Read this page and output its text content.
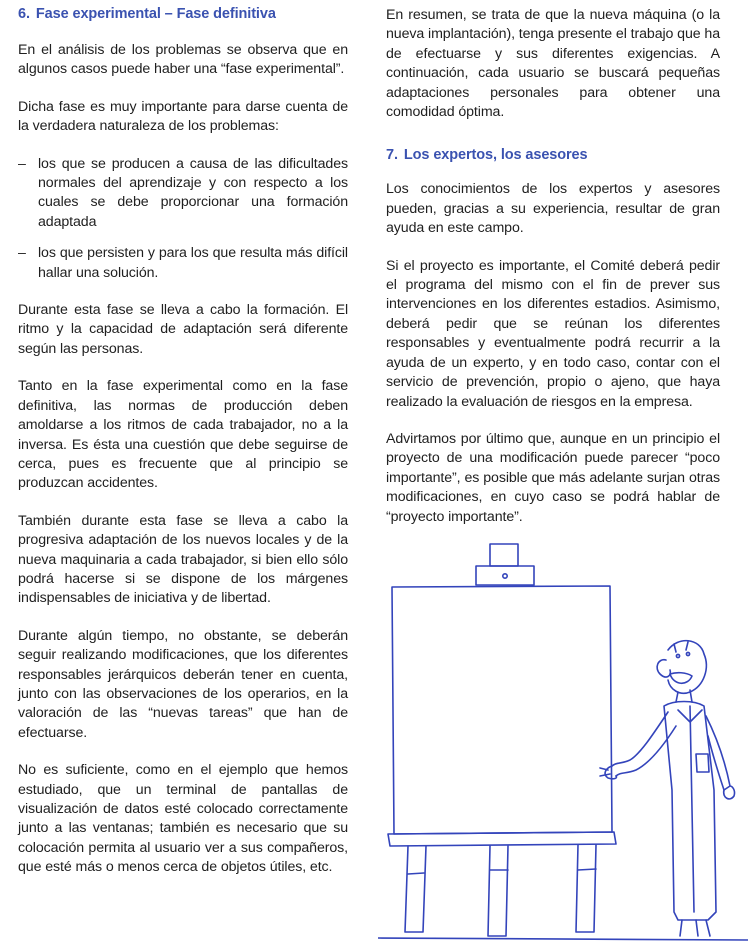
6. Fase experimental – Fase definitiva

En el análisis de los problemas se observa que en algunos casos puede haber una “fase experimental”.

Dicha fase es muy importante para darse cuenta de la verdadera naturaleza de los problemas:

– los que se producen a causa de las dificultades normales del aprendizaje y con respecto a los cuales se debe proporcionar una formación adaptada
– los que persisten y para los que resulta más difícil hallar una solución.

Durante esta fase se lleva a cabo la formación. El ritmo y la capacidad de adaptación será diferente según las personas.

Tanto en la fase experimental como en la fase definitiva, las normas de producción deben amoldarse a los ritmos de cada trabajador, no a la inversa. Es ésta una cuestión que debe seguirse de cerca, pues es frecuente que al principio se produzcan accidentes.

También durante esta fase se lleva a cabo la progresiva adaptación de los nuevos locales y de la nueva maquinaria a cada trabajador, si bien ello sólo podrá hacerse si se dispone de los márgenes indispensables de iniciativa y de libertad.

Durante algún tiempo, no obstante, se deberán seguir realizando modificaciones, que los diferentes responsables jerárquicos deberán tener en cuenta, junto con las observaciones de los operarios, en la valoración de las “nuevas tareas” que han de efectuarse.

No es suficiente, como en el ejemplo que hemos estudiado, que un terminal de pantallas de visualización de datos esté colocado correctamente junto a las ventanas; también es necesario que su colocación permita al usuario ver a sus compañeros, que esté más o menos cerca de objetos útiles, etc.

En resumen, se trata de que la nueva máquina (o la nueva implantación), tenga presente el trabajo que ha de efectuarse y sus diferentes exigencias. A continuación, cada usuario se buscará pequeñas adaptaciones personales para obtener una comodidad óptima.

7. Los expertos, los asesores

Los conocimientos de los expertos y asesores pueden, gracias a su experiencia, resultar de gran ayuda en este campo.

Si el proyecto es importante, el Comité deberá pedir el programa del mismo con el fin de prever sus intervenciones en los diferentes estadios. Asimismo, deberá pedir que se reúnan los diferentes responsables y eventualmente podrá recurrir a la ayuda de un experto, y en todo caso, contar con el servicio de prevención, propio o ajeno, que haya realizado la evaluación de riesgos en la empresa.

Advirtamos por último que, aunque en un principio el proyecto de una modificación puede parecer “poco importante”, es posible que más adelante surjan otras modificaciones, en cuyo caso se podrá hablar de “proyecto importante”.
